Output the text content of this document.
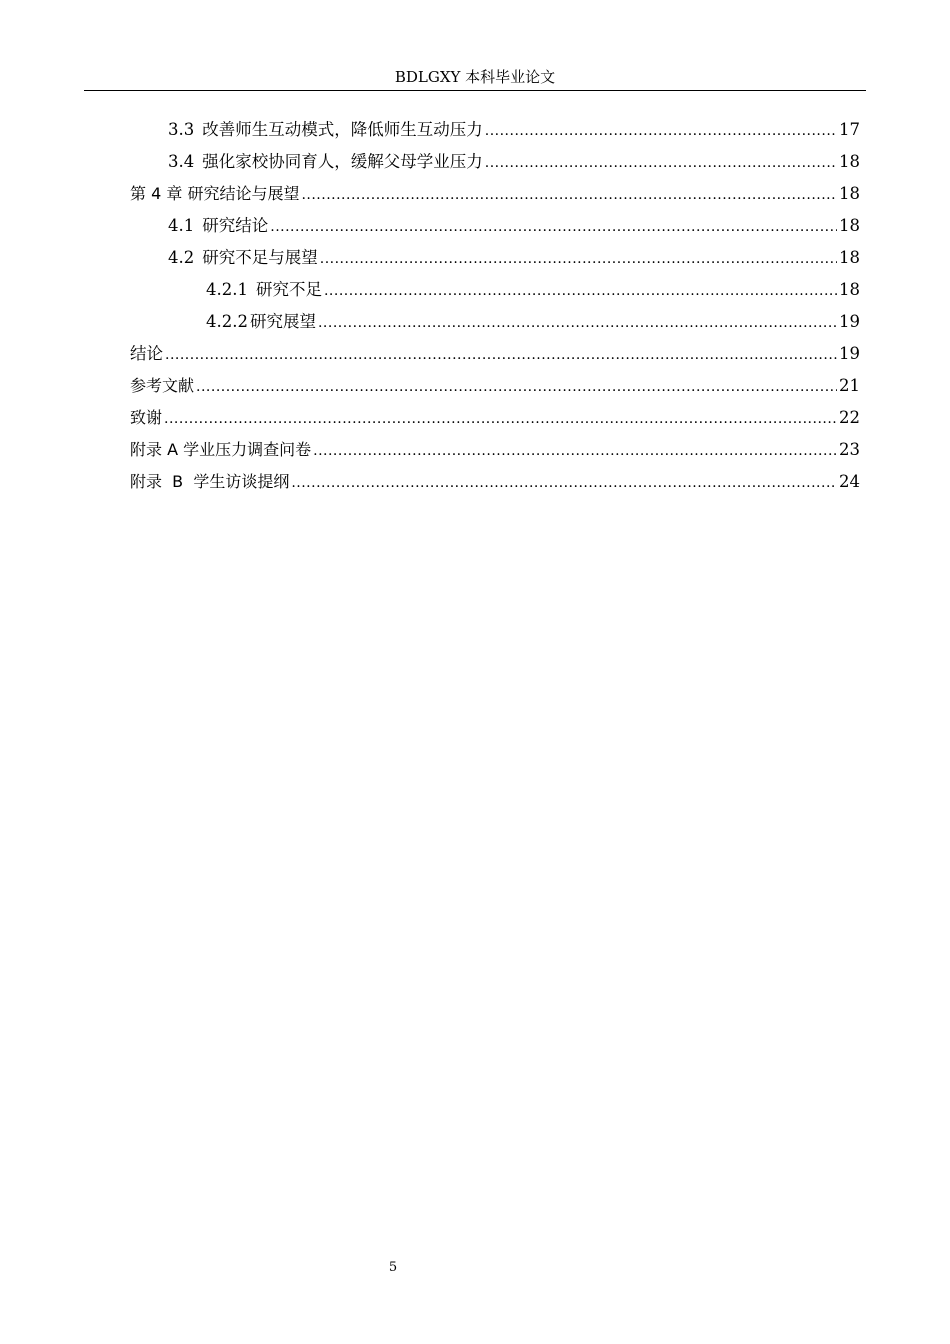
BDLGXY 本科毕业论文
3.3 改善师生互动模式，降低师生互动压力 .....	17
3.4 强化家校协同育人，缓解父母学业压力 .....	18
第 4 章 研究结论与展望 .....	18
4.1 研究结论 .....	18
4.2 研究不足与展望 .....	18
4.2.1 研究不足 .....	18
4.2.2 研究展望 .....	19
结论 .....	19
参考文献 .....	21
致谢 .....	22
附录 A 学业压力调查问卷 .....	23
附录  B  学生访谈提纲 .....	24
5
